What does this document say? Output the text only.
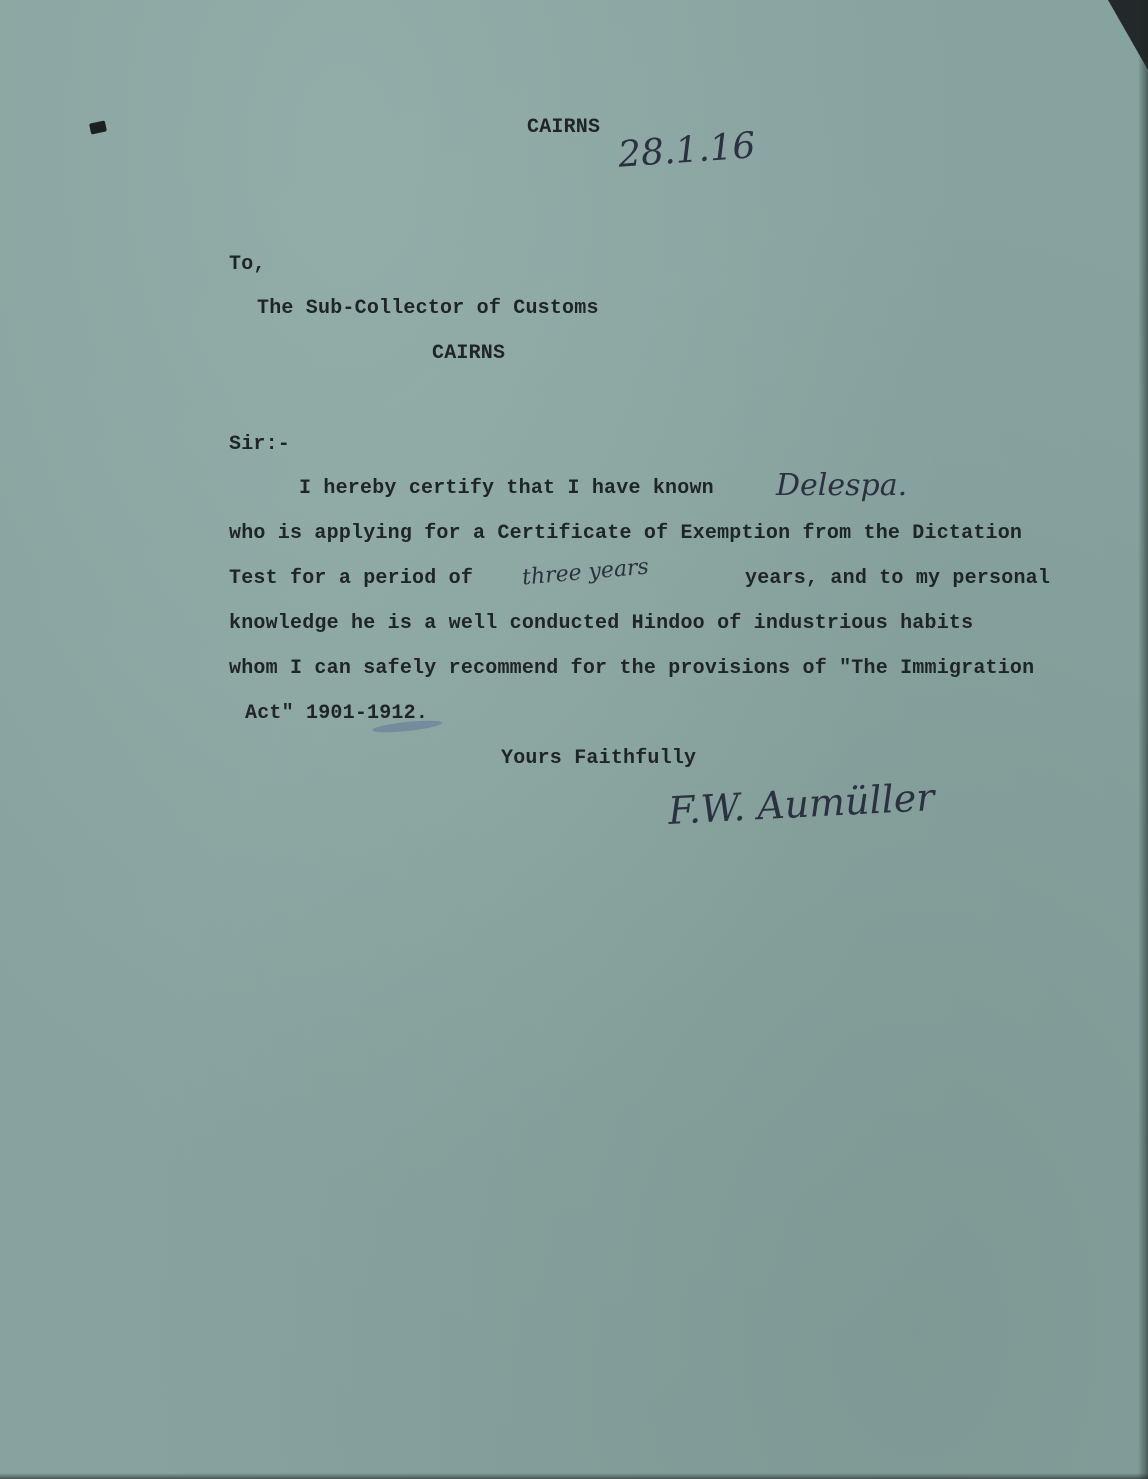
CAIRNS 28.1.16
To,
The Sub-Collector of Customs
CAIRNS
Sir:-
I hereby certify that I have known Delespa.
who is applying for a Certificate of Exemption from the Dictation
Test for a period of three years	years, and to my personal
knowledge he is a well conducted Hindoo of industrious habits
whom I can safely recommend for the provisions of "The Immigration
Act" 1901-1912.
Yours Faithfully
F.W. Aumüller
